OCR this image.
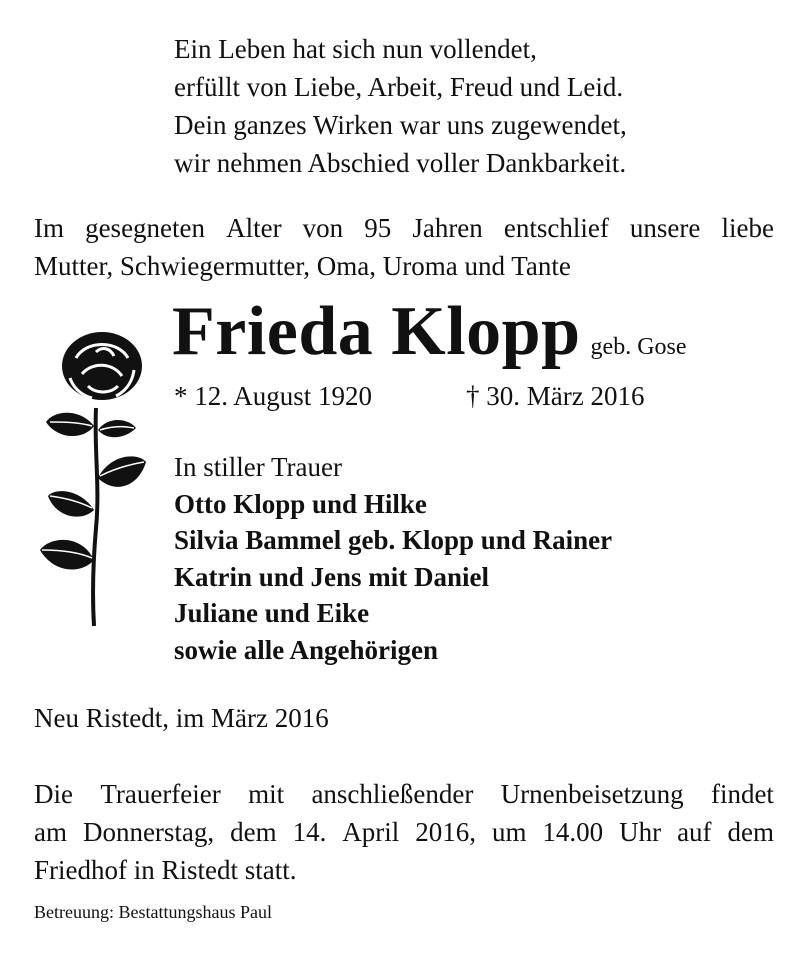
Ein Leben hat sich nun vollendet,
erfüllt von Liebe, Arbeit, Freud und Leid.
Dein ganzes Wirken war uns zugewendet,
wir nehmen Abschied voller Dankbarkeit.
Im gesegneten Alter von 95 Jahren entschlief unsere liebe
Mutter, Schwiegermutter, Oma, Uroma und Tante
Frieda Klopp geb. Gose
* 12. August 1920	† 30. März 2016
In stiller Trauer
Otto Klopp und Hilke
Silvia Bammel geb. Klopp und Rainer
Katrin und Jens mit Daniel
Juliane und Eike
sowie alle Angehörigen
Neu Ristedt, im März 2016
Die Trauerfeier mit anschließender Urnenbeisetzung findet
am Donnerstag, dem 14. April 2016, um 14.00 Uhr auf dem
Friedhof in Ristedt statt.
Betreuung: Bestattungshaus Paul
